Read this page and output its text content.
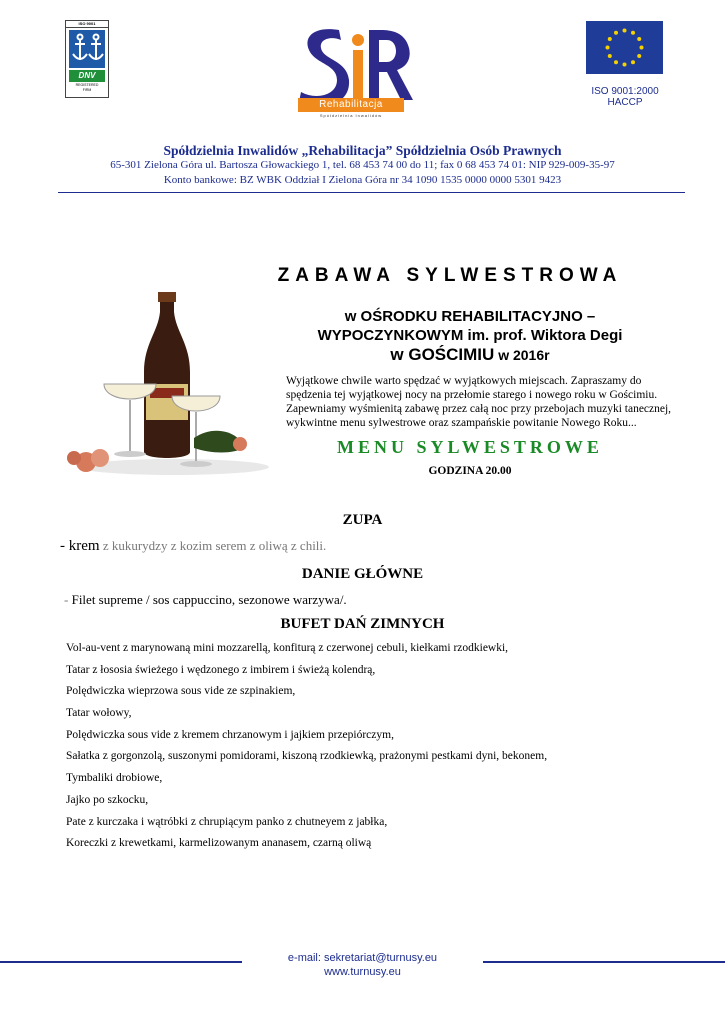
ISO 9001
DNV
REGISTERED
FIRM
Rehabilitacja
Spółdzielnia Inwalidów
ISO 9001:2000
HACCP
Spółdzielnia Inwalidów „Rehabilitacja” Spółdzielnia Osób Prawnych
65-301 Zielona Góra ul. Bartosza Głowackiego 1, tel. 68 453 74 00 do 11; fax 0 68 453 74 01: NIP 929-009-35-97
Konto bankowe: BZ WBK Oddział I Zielona Góra nr 34 1090 1535 0000 0000 5301 9423
ZABAWA SYLWESTROWA
w OŚRODKU REHABILITACYJNO –
WYPOCZYNKOWYM im. prof. Wiktora Degi
w GOŚCIMIU w 2016r
Wyjątkowe chwile warto spędzać w wyjątkowych miejscach. Zapraszamy do
spędzenia tej wyjątkowej nocy na przełomie starego i nowego roku w Gościmiu.
Zapewniamy wyśmienitą zabawę przez całą noc przy przebojach muzyki tanecznej,
wykwintne menu sylwestrowe oraz szampańskie powitanie Nowego Roku...
MENU SYLWESTROWE
GODZINA 20.00
ZUPA
- krem z kukurydzy z kozim serem z oliwą z chili.
DANIE GŁÓWNE
- Filet supreme / sos cappuccino, sezonowe warzywa/.
BUFET DAŃ ZIMNYCH
Vol-au-vent z marynowaną mini mozzarellą, konfiturą z czerwonej cebuli, kiełkami rzodkiewki,
Tatar z łososia świeżego i wędzonego z imbirem i świeżą kolendrą,
Polędwiczka wieprzowa sous vide ze szpinakiem,
Tatar wołowy,
Polędwiczka sous vide z kremem chrzanowym i jajkiem przepiórczym,
Sałatka z gorgonzolą, suszonymi pomidorami, kiszoną rzodkiewką, prażonymi pestkami dyni, bekonem,
Tymbaliki drobiowe,
Jajko po szkocku,
Pate z kurczaka i wątróbki z chrupiącym panko z chutneyem z jabłka,
Koreczki z krewetkami, karmelizowanym ananasem, czarną oliwą
e-mail: sekretariat@turnusy.eu
www.turnusy.eu
